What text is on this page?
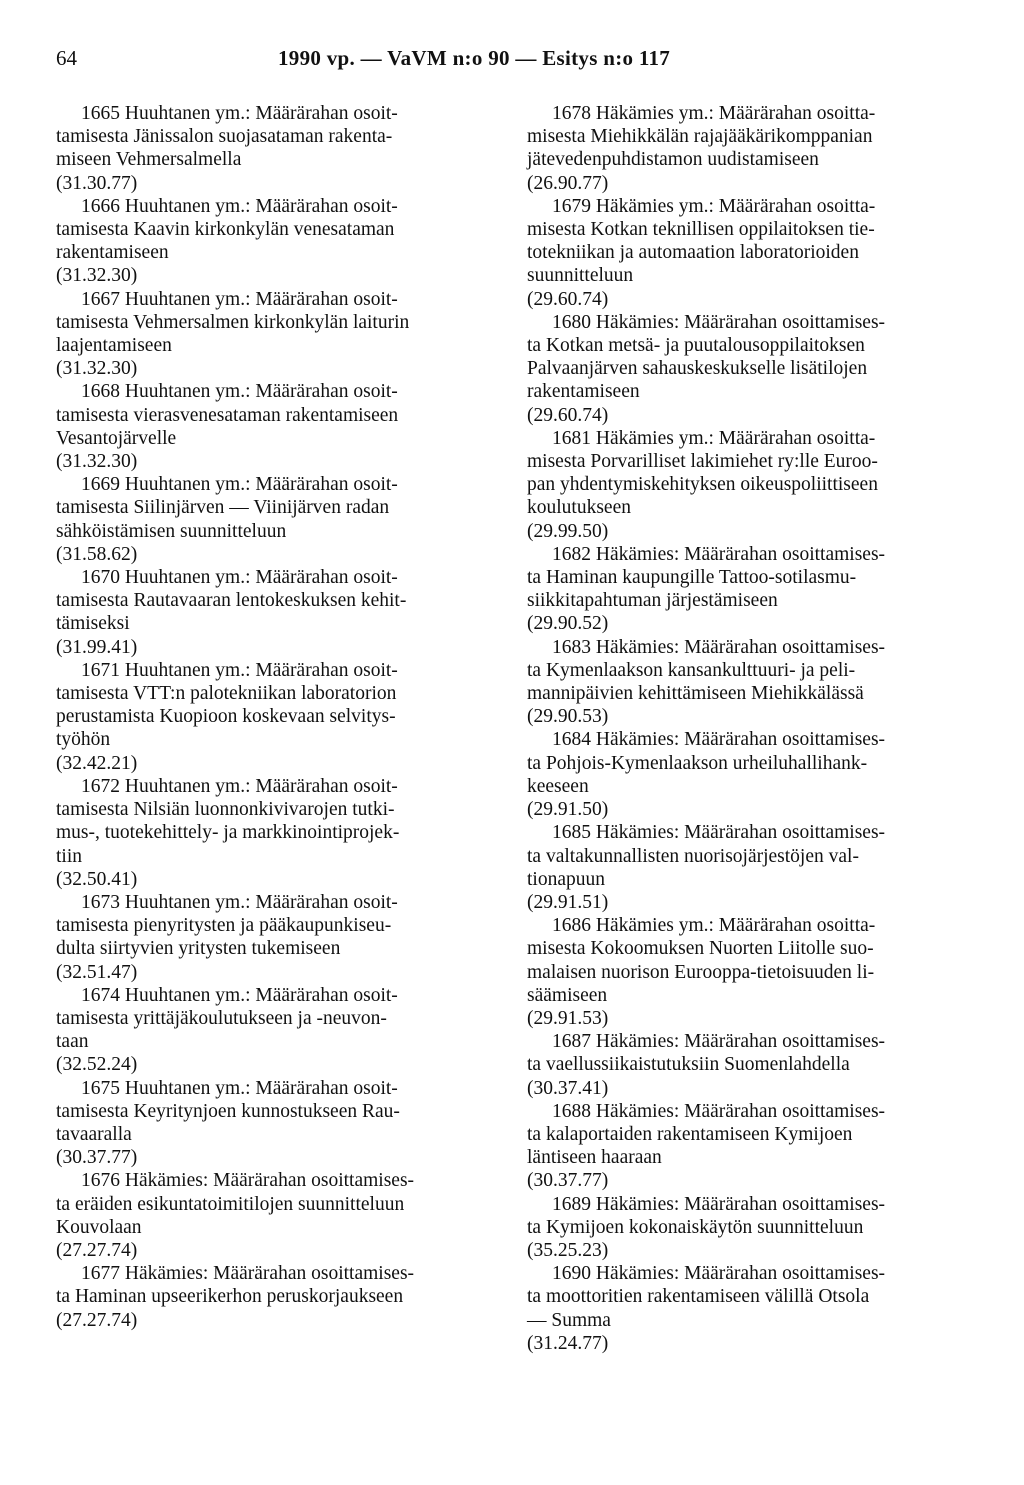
64	1990 vp. — VaVM n:o 90 — Esitys n:o 117
1665 Huuhtanen ym.: Määrärahan osoit-
tamisesta Jänissalon suojasataman rakenta-
miseen Vehmersalmella
(31.30.77)
1666 Huuhtanen ym.: Määrärahan osoit-
tamisesta Kaavin kirkonkylän venesataman
rakentamiseen
(31.32.30)
1667 Huuhtanen ym.: Määrärahan osoit-
tamisesta Vehmersalmen kirkonkylän laiturin
laajentamiseen
(31.32.30)
1668 Huuhtanen ym.: Määrärahan osoit-
tamisesta vierasvenesataman rakentamiseen
Vesantojärvelle
(31.32.30)
1669 Huuhtanen ym.: Määrärahan osoit-
tamisesta Siilinjärven — Viinijärven radan
sähköistämisen suunnitteluun
(31.58.62)
1670 Huuhtanen ym.: Määrärahan osoit-
tamisesta Rautavaaran lentokeskuksen kehit-
tämiseksi
(31.99.41)
1671 Huuhtanen ym.: Määrärahan osoit-
tamisesta VTT:n palotekniikan laboratorion
perustamista Kuopioon koskevaan selvitys-
työhön
(32.42.21)
1672 Huuhtanen ym.: Määrärahan osoit-
tamisesta Nilsiän luonnonkivivarojen tutki-
mus-, tuotekehittely- ja markkinointiprojek-
tiin
(32.50.41)
1673 Huuhtanen ym.: Määrärahan osoit-
tamisesta pienyritysten ja pääkaupunkiseu-
dulta siirtyvien yritysten tukemiseen
(32.51.47)
1674 Huuhtanen ym.: Määrärahan osoit-
tamisesta yrittäjäkoulutukseen ja -neuvon-
taan
(32.52.24)
1675 Huuhtanen ym.: Määrärahan osoit-
tamisesta Keyritynjoen kunnostukseen Rau-
tavaaralla
(30.37.77)
1676 Häkämies: Määrärahan osoittamises-
ta eräiden esikuntatoimitilojen suunnitteluun
Kouvolaan
(27.27.74)
1677 Häkämies: Määrärahan osoittamises-
ta Haminan upseerikerhon peruskorjaukseen
(27.27.74)
1678 Häkämies ym.: Määrärahan osoitta-
misesta Miehikkälän rajajääkärikomppanian
jätevedenpuhdistamon uudistamiseen
(26.90.77)
1679 Häkämies ym.: Määrärahan osoitta-
misesta Kotkan teknillisen oppilaitoksen tie-
totekniikan ja automaation laboratorioiden
suunnitteluun
(29.60.74)
1680 Häkämies: Määrärahan osoittamises-
ta Kotkan metsä- ja puutalousoppilaitoksen
Palvaanjärven sahauskeskukselle lisätilojen
rakentamiseen
(29.60.74)
1681 Häkämies ym.: Määrärahan osoitta-
misesta Porvarilliset lakimiehet ry:lle Euroo-
pan yhdentymiskehityksen oikeuspoliittiseen
koulutukseen
(29.99.50)
1682 Häkämies: Määrärahan osoittamises-
ta Haminan kaupungille Tattoo-sotilasmu-
siikkitapahtuman järjestämiseen
(29.90.52)
1683 Häkämies: Määrärahan osoittamises-
ta Kymenlaakson kansankulttuuri- ja peli-
mannipäivien kehittämiseen Miehikkälässä
(29.90.53)
1684 Häkämies: Määrärahan osoittamises-
ta Pohjois-Kymenlaakson urheiluhallihank-
keeseen
(29.91.50)
1685 Häkämies: Määrärahan osoittamises-
ta valtakunnallisten nuorisojärjestöjen val-
tionapuun
(29.91.51)
1686 Häkämies ym.: Määrärahan osoitta-
misesta Kokoomuksen Nuorten Liitolle suo-
malaisen nuorison Eurooppa-tietoisuuden li-
säämiseen
(29.91.53)
1687 Häkämies: Määrärahan osoittamises-
ta vaellussiikaistutuksiin Suomenlahdella
(30.37.41)
1688 Häkämies: Määrärahan osoittamises-
ta kalaportaiden rakentamiseen Kymijoen
läntiseen haaraan
(30.37.77)
1689 Häkämies: Määrärahan osoittamises-
ta Kymijoen kokonaiskäytön suunnitteluun
(35.25.23)
1690 Häkämies: Määrärahan osoittamises-
ta moottoritien rakentamiseen välillä Otsola
— Summa
(31.24.77)
